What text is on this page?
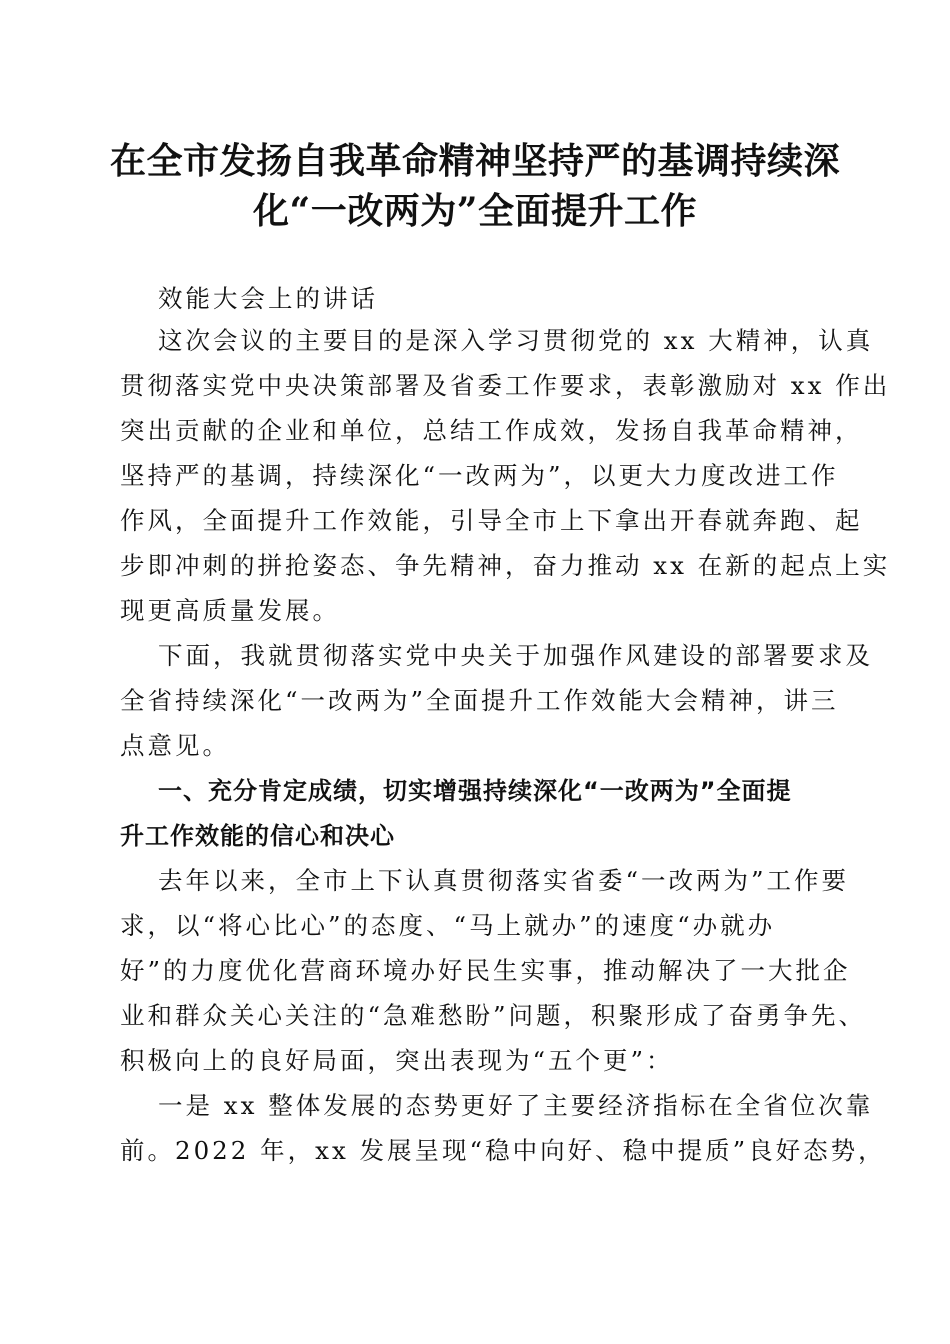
在全市发扬自我革命精神坚持严的基调持续深
化“一改两为”全面提升工作
效能大会上的讲话
这次会议的主要目的是深入学习贯彻党的 xx 大精神，认真
贯彻落实党中央决策部署及省委工作要求，表彰激励对 xx 作出
突出贡献的企业和单位，总结工作成效，发扬自我革命精神，
坚持严的基调，持续深化“一改两为”，以更大力度改进工作
作风，全面提升工作效能，引导全市上下拿出开春就奔跑、起
步即冲刺的拼抢姿态、争先精神，奋力推动 xx 在新的起点上实
现更高质量发展。
下面，我就贯彻落实党中央关于加强作风建设的部署要求及
全省持续深化“一改两为”全面提升工作效能大会精神，讲三
点意见。
一、充分肯定成绩，切实增强持续深化“一改两为”全面提
升工作效能的信心和决心
去年以来，全市上下认真贯彻落实省委“一改两为”工作要
求，以“将心比心”的态度、“马上就办”的速度“办就办
好”的力度优化营商环境办好民生实事，推动解决了一大批企
业和群众关心关注的“急难愁盼”问题，积聚形成了奋勇争先、
积极向上的良好局面，突出表现为“五个更”：
一是 xx 整体发展的态势更好了主要经济指标在全省位次靠
前。2022 年，xx 发展呈现“稳中向好、稳中提质”良好态势，
